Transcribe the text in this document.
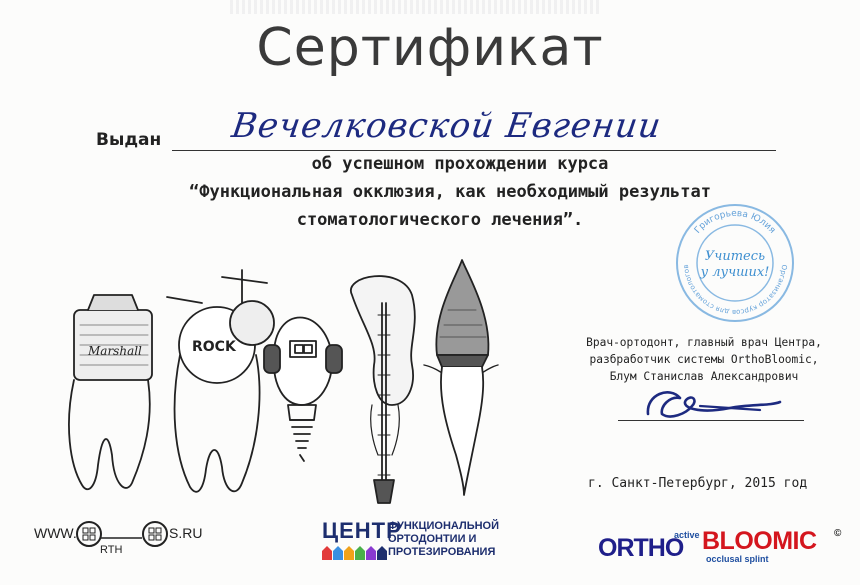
Сертификат
Выдан Вечелковской Евгении
об успешном прохождении курса
“Функциональная окклюзия, как необходимый результат
стоматологического лечения”.
Marshall	ROCK
Григорьева Юлия
Организатор курсов для стоматологов
Учитесь
у лучших!
Врач-ортодонт, главный врач Центра,
разбработчик системы OrthoBloomic,
Блум Станислав Александрович
г. Санкт-Петербург, 2015 год
WWW.	S.RU
RTH
ЦЕНТР
ФУНКЦИОНАЛЬНОЙ
ОРТОДОНТИИ И
ПРОТЕЗИРОВАНИЯ	ORTHO
active BLOOMIC
occlusal splint
©
